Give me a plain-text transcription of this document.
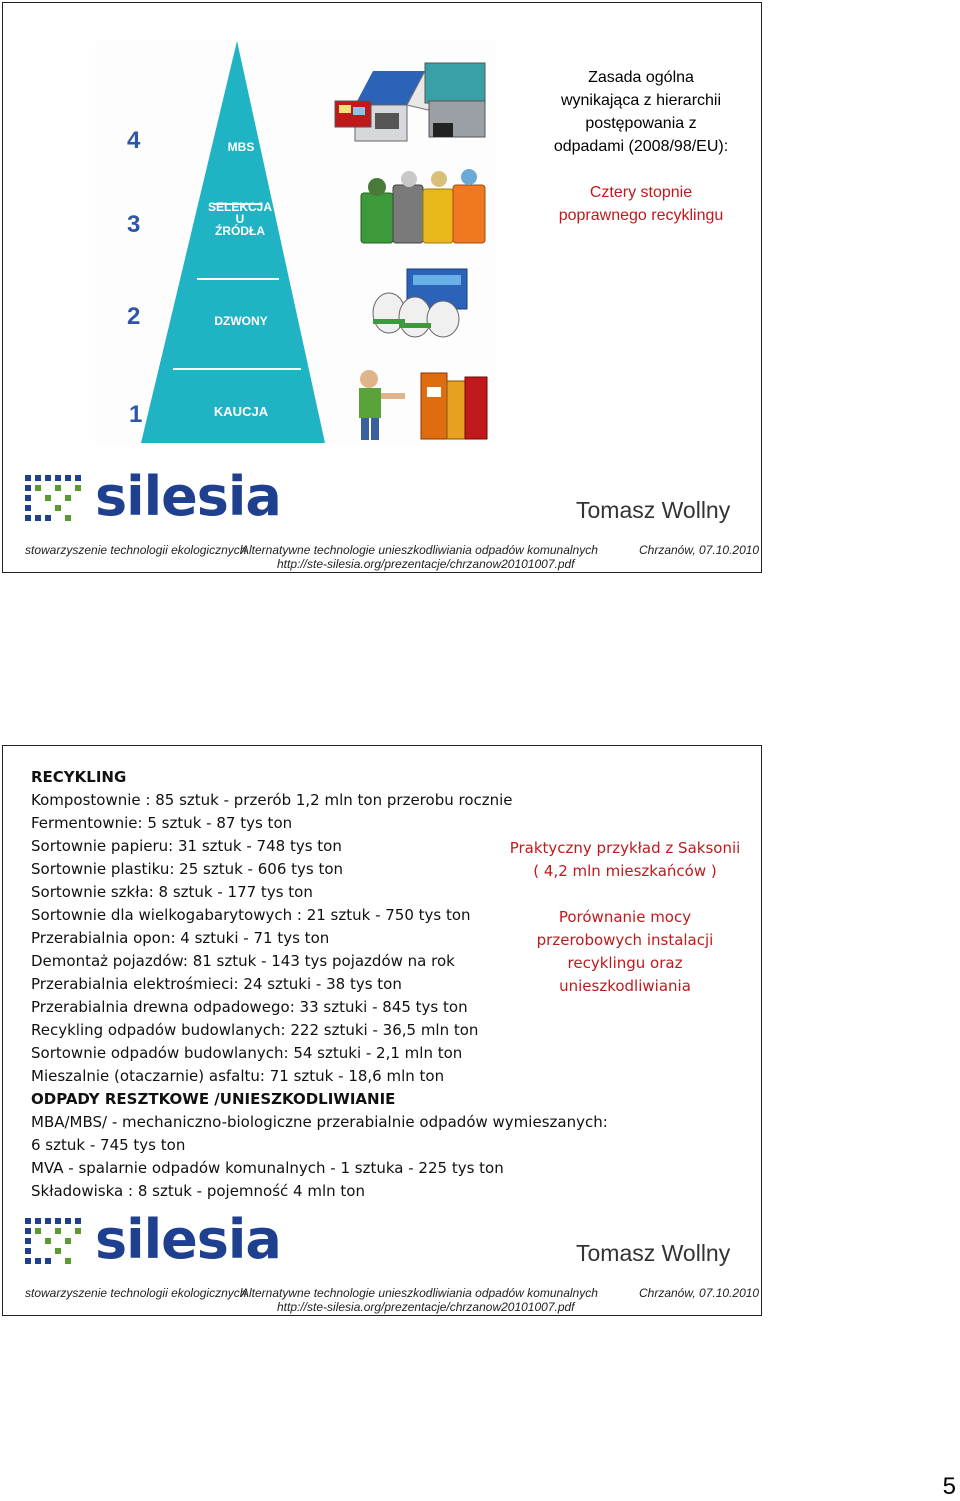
4
3
2
1
MBS
SELEKCJA
U
ŹRÓDŁA
DZWONY
KAUCJA
Zasada ogólna
wynikająca z hierarchii
postępowania z
odpadami (2008/98/EU):
Cztery stopnie
poprawnego recyklingu
silesia	Tomasz Wollny
stowarzyszenie technologii ekologicznych
Alternatywne technologie unieszkodliwiania odpadów komunalnych	Chrzanów, 07.10.2010
http://ste-silesia.org/prezentacje/chrzanow20101007.pdf
RECYKLING
Kompostownie : 85 sztuk - przerób 1,2 mln ton przerobu rocznie
Fermentownie: 5 sztuk - 87 tys ton
Sortownie papieru: 31 sztuk - 748 tys ton
Sortownie plastiku: 25 sztuk - 606 tys ton
Sortownie szkła: 8 sztuk - 177 tys ton
Sortownie dla wielkogabarytowych : 21 sztuk - 750 tys ton
Przerabialnia opon: 4 sztuki - 71 tys ton
Demontaż pojazdów: 81 sztuk - 143 tys pojazdów na rok
Przerabialnia elektrośmieci: 24 sztuki - 38 tys ton
Przerabialnia drewna odpadowego: 33 sztuki - 845 tys ton
Recykling odpadów budowlanych: 222 sztuki - 36,5 mln ton
Sortownie odpadów budowlanych: 54 sztuki - 2,1 mln ton
Mieszalnie (otaczarnie) asfaltu: 71 sztuk - 18,6 mln ton
ODPADY RESZTKOWE /UNIESZKODLIWIANIE
MBA/MBS/ - mechaniczno-biologiczne przerabialnie odpadów wymieszanych:
6 sztuk - 745 tys ton
MVA - spalarnie odpadów komunalnych - 1 sztuka - 225 tys ton
Składowiska : 8 sztuk - pojemność 4 mln ton
Praktyczny przykład z Saksonii
( 4,2 mln mieszkańców )
Porównanie mocy
przerobowych instalacji
recyklingu oraz
unieszkodliwiania
silesia	Tomasz Wollny
stowarzyszenie technologii ekologicznych
Alternatywne technologie unieszkodliwiania odpadów komunalnych	Chrzanów, 07.10.2010
http://ste-silesia.org/prezentacje/chrzanow20101007.pdf
5
